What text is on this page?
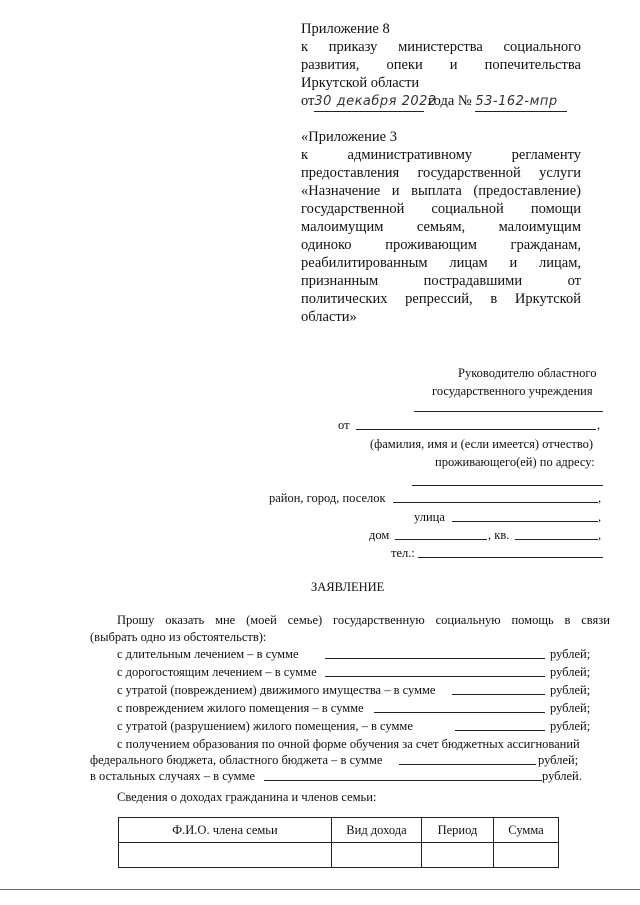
Приложение 8
к приказу министерства социального
развития, опеки и попечительства
Иркутской области
от30 декабря 2022 года № 53-162-мпр
«Приложение 3
к	административному	регламенту
предоставления государственной услуги
«Назначение и выплата (предоставление)
государственной социальной помощи
малоимущим семьям, малоимущим
одиноко проживающим гражданам,
реабилитированным лицам и лицам,
признанным	пострадавшими	от
политических репрессий, в Иркутской
области»
Руководителю областного
государственного учреждения
от	,
(фамилия, имя и (если имеется) отчество)
проживающего(ей) по адресу:
район, город, поселок	,
улица	,
дом	, кв.	,
тел.:
ЗАЯВЛЕНИЕ
Прошу оказать мне (моей семье) государственную социальную помощь в связи
(выбрать одно из обстоятельств):
с длительным лечением – в сумме	рублей;
с дорогостоящим лечением – в сумме	рублей;
с утратой (повреждением) движимого имущества – в сумме	рублей;
с повреждением жилого помещения – в сумме	рублей;
с утратой (разрушением) жилого помещения, – в сумме	рублей;
с получением образования по очной форме обучения за счет бюджетных ассигнований
федерального бюджета, областного бюджета – в сумме	рублей;
в остальных случаях – в сумме	рублей.
Сведения о доходах гражданина и членов семьи:
Ф.И.О. члена семьи	Вид дохода	Период	Сумма
